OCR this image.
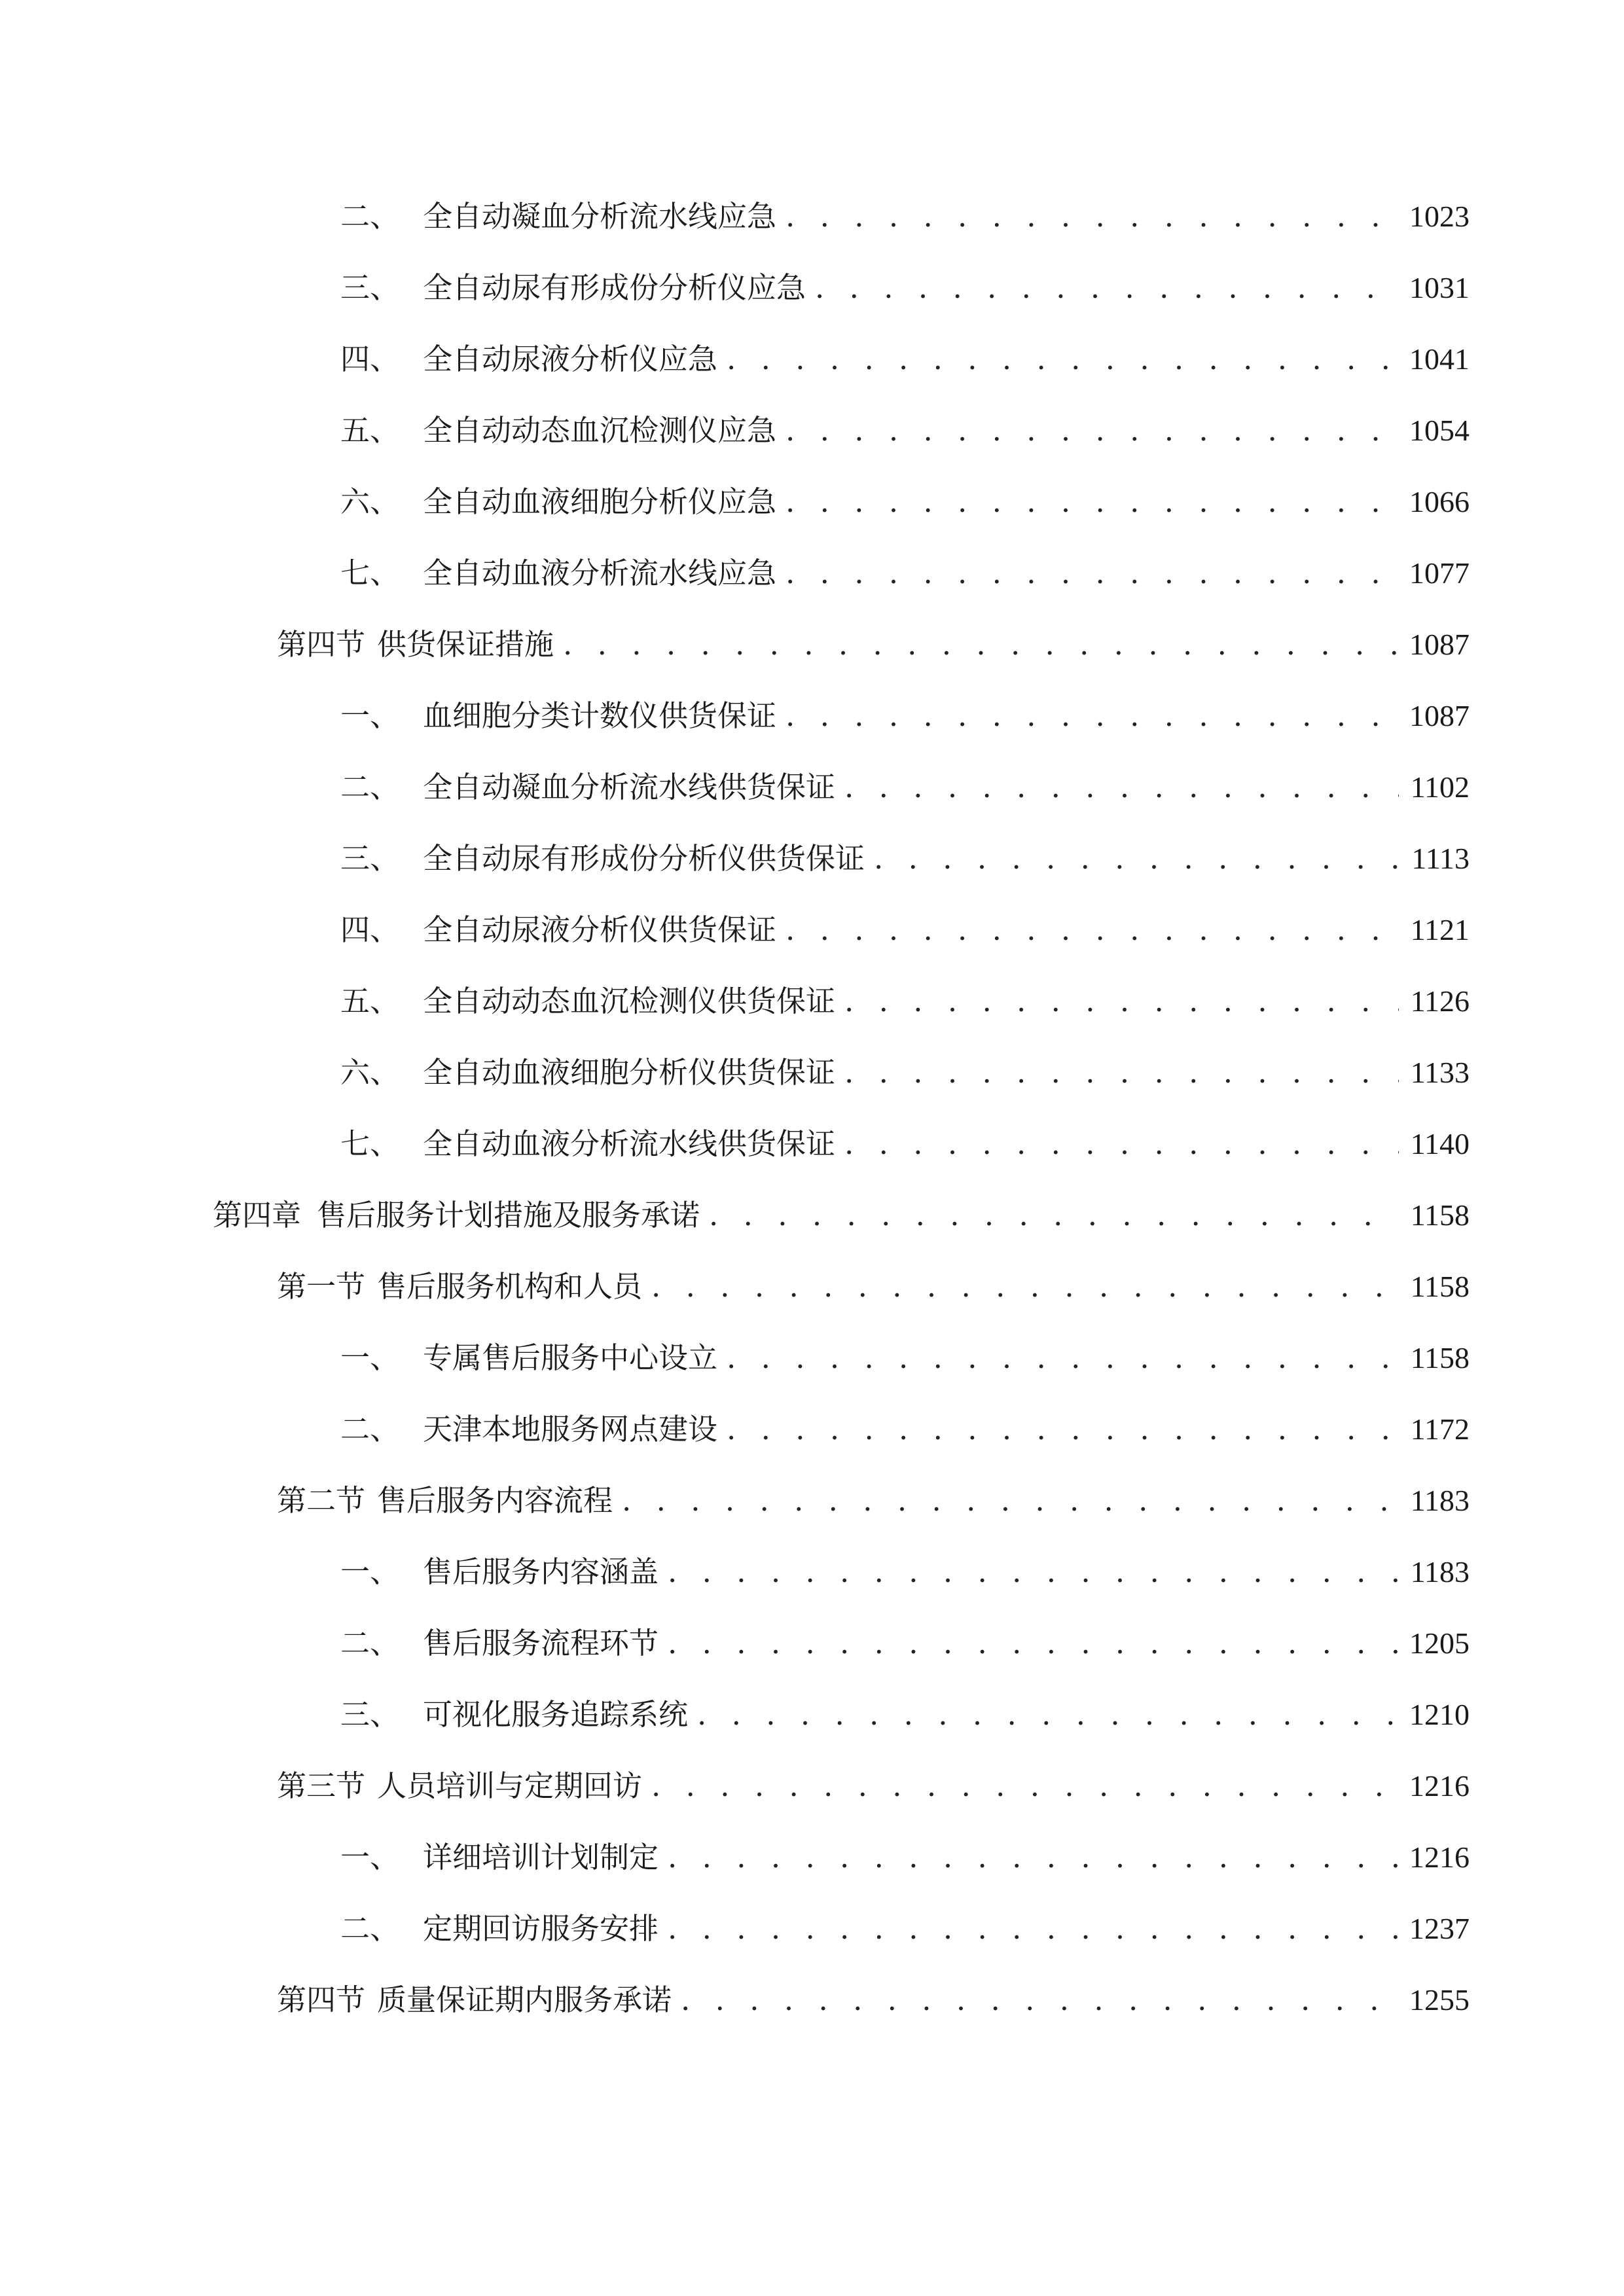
二、 全自动凝血分析流水线应急 . . .	1023
三、 全自动尿有形成份分析仪应急 . . .	1031
四、 全自动尿液分析仪应急 . . .	1041
五、 全自动动态血沉检测仪应急 . . .	1054
六、 全自动血液细胞分析仪应急 . . .	1066
七、 全自动血液分析流水线应急 . . .	1077
第四节 供货保证措施 . . .	1087
一、 血细胞分类计数仪供货保证 . . .	1087
二、 全自动凝血分析流水线供货保证 . . .	1102
三、 全自动尿有形成份分析仪供货保证 . . .	1113
四、 全自动尿液分析仪供货保证 . . .	1121
五、 全自动动态血沉检测仪供货保证 . . .	1126
六、 全自动血液细胞分析仪供货保证 . . .	1133
七、 全自动血液分析流水线供货保证 . . .	1140
第四章 售后服务计划措施及服务承诺 . . .	1158
第一节 售后服务机构和人员 . . .	1158
一、 专属售后服务中心设立 . . .	1158
二、 天津本地服务网点建设 . . .	1172
第二节 售后服务内容流程 . . .	1183
一、 售后服务内容涵盖 . . .	1183
二、 售后服务流程环节 . . .	1205
三、 可视化服务追踪系统 . . .	1210
第三节 人员培训与定期回访 . . .	1216
一、 详细培训计划制定 . . .	1216
二、 定期回访服务安排 . . .	1237
第四节 质量保证期内服务承诺 . . .	1255
